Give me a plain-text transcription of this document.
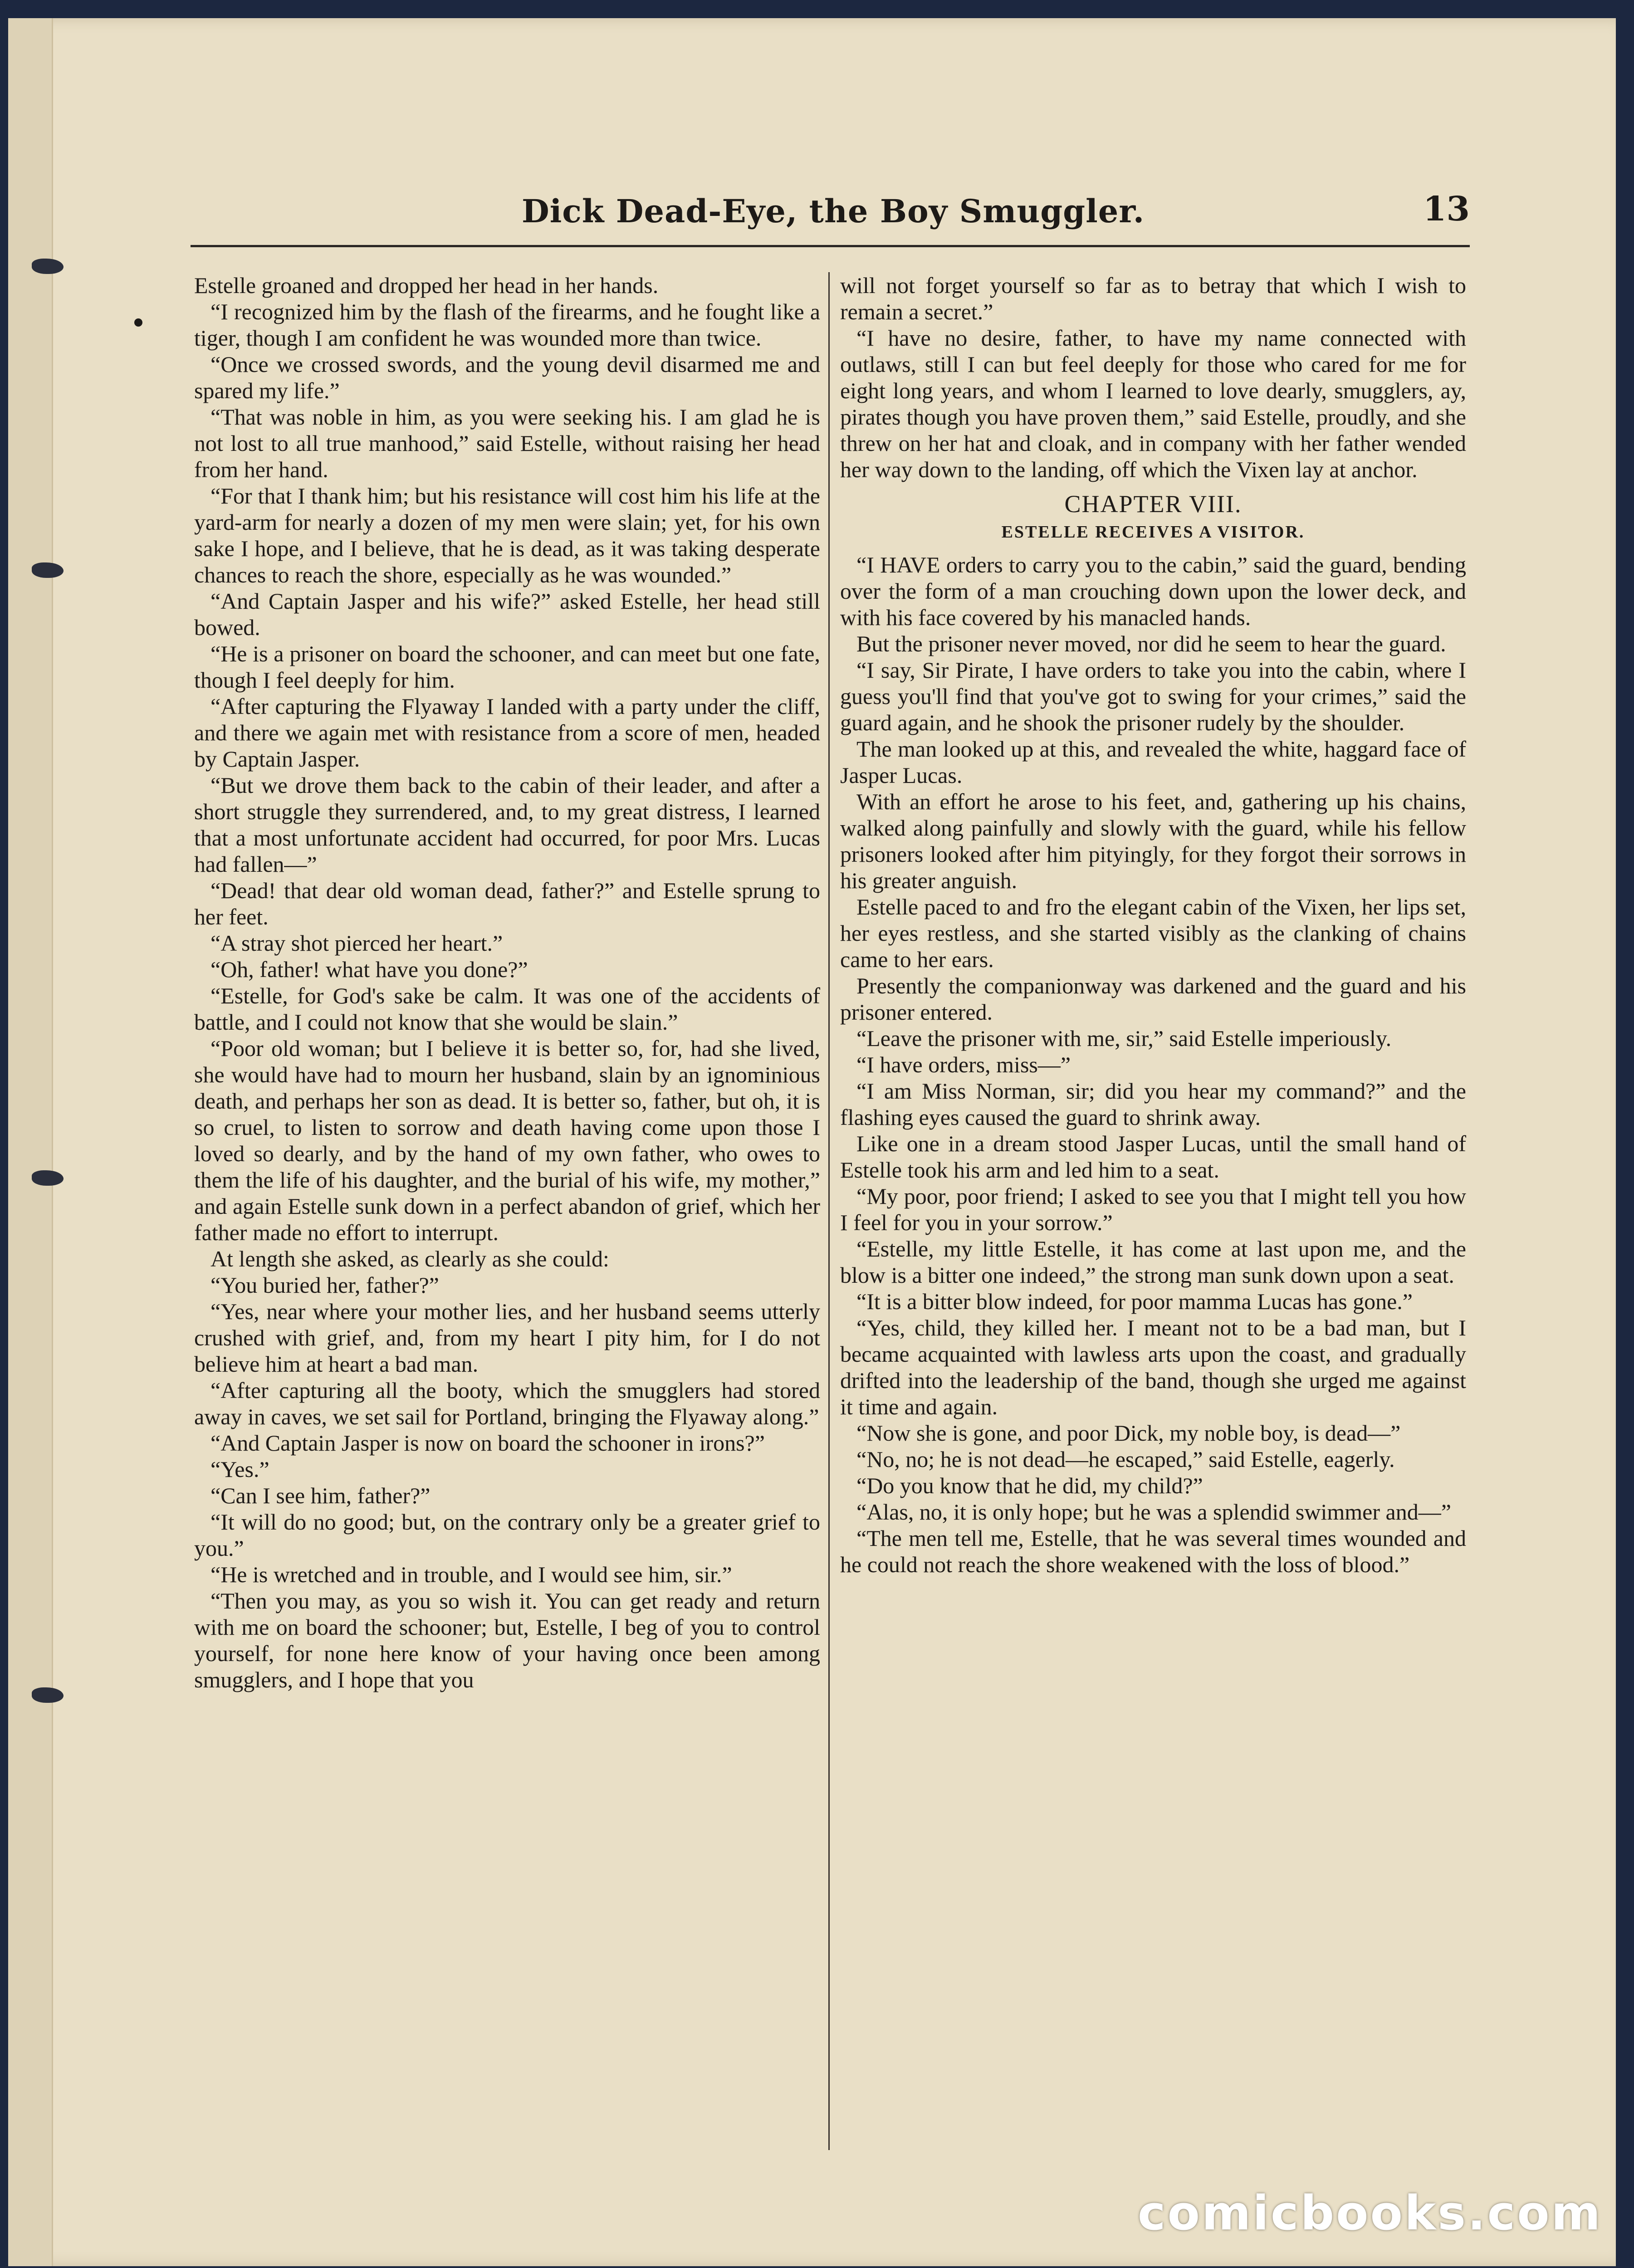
Dick Dead-Eye, the Boy Smuggler.	13

Estelle groaned and dropped her head in her hands.

“I recognized him by the flash of the firearms, and he fought like a tiger, though I am confident he was wounded more than twice.

“Once we crossed swords, and the young devil disarmed me and spared my life.”

“That was noble in him, as you were seeking his. I am glad he is not lost to all true manhood,” said Estelle, without raising her head from her hand.

“For that I thank him; but his resistance will cost him his life at the yard-arm for nearly a dozen of my men were slain; yet, for his own sake I hope, and I believe, that he is dead, as it was taking desperate chances to reach the shore, especially as he was wounded.”

“And Captain Jasper and his wife?” asked Estelle, her head still bowed.

“He is a prisoner on board the schooner, and can meet but one fate, though I feel deeply for him.

“After capturing the Flyaway I landed with a party under the cliff, and there we again met with resistance from a score of men, headed by Captain Jasper.

“But we drove them back to the cabin of their leader, and after a short struggle they surrendered, and, to my great distress, I learned that a most unfortunate accident had occurred, for poor Mrs. Lucas had fallen—”

“Dead! that dear old woman dead, father?” and Estelle sprung to her feet.

“A stray shot pierced her heart.”

“Oh, father! what have you done?”

“Estelle, for God's sake be calm. It was one of the accidents of battle, and I could not know that she would be slain.”

“Poor old woman; but I believe it is better so, for, had she lived, she would have had to mourn her husband, slain by an ignominious death, and perhaps her son as dead. It is better so, father, but oh, it is so cruel, to listen to sorrow and death having come upon those I loved so dearly, and by the hand of my own father, who owes to them the life of his daughter, and the burial of his wife, my mother,” and again Estelle sunk down in a perfect abandon of grief, which her father made no effort to interrupt.

At length she asked, as clearly as she could:

“You buried her, father?”

“Yes, near where your mother lies, and her husband seems utterly crushed with grief, and, from my heart I pity him, for I do not believe him at heart a bad man.

“After capturing all the booty, which the smugglers had stored away in caves, we set sail for Portland, bringing the Flyaway along.”

“And Captain Jasper is now on board the schooner in irons?”

“Yes.”

“Can I see him, father?”

“It will do no good; but, on the contrary only be a greater grief to you.”

“He is wretched and in trouble, and I would see him, sir.”

“Then you may, as you so wish it. You can get ready and return with me on board the schooner; but, Estelle, I beg of you to control yourself, for none here know of your having once been among smugglers, and I hope that you

will not forget yourself so far as to betray that which I wish to remain a secret.”

“I have no desire, father, to have my name connected with outlaws, still I can but feel deeply for those who cared for me for eight long years, and whom I learned to love dearly, smugglers, ay, pirates though you have proven them,” said Estelle, proudly, and she threw on her hat and cloak, and in company with her father wended her way down to the landing, off which the Vixen lay at anchor.

CHAPTER VIII.
ESTELLE RECEIVES A VISITOR.

“I HAVE orders to carry you to the cabin,” said the guard, bending over the form of a man crouching down upon the lower deck, and with his face covered by his manacled hands.

But the prisoner never moved, nor did he seem to hear the guard.

“I say, Sir Pirate, I have orders to take you into the cabin, where I guess you'll find that you've got to swing for your crimes,” said the guard again, and he shook the prisoner rudely by the shoulder.

The man looked up at this, and revealed the white, haggard face of Jasper Lucas.

With an effort he arose to his feet, and, gathering up his chains, walked along painfully and slowly with the guard, while his fellow prisoners looked after him pityingly, for they forgot their sorrows in his greater anguish.

Estelle paced to and fro the elegant cabin of the Vixen, her lips set, her eyes restless, and she started visibly as the clanking of chains came to her ears.

Presently the companionway was darkened and the guard and his prisoner entered.

“Leave the prisoner with me, sir,” said Estelle imperiously.

“I have orders, miss—”

“I am Miss Norman, sir; did you hear my command?” and the flashing eyes caused the guard to shrink away.

Like one in a dream stood Jasper Lucas, until the small hand of Estelle took his arm and led him to a seat.

“My poor, poor friend; I asked to see you that I might tell you how I feel for you in your sorrow.”

“Estelle, my little Estelle, it has come at last upon me, and the blow is a bitter one indeed,” the strong man sunk down upon a seat.

“It is a bitter blow indeed, for poor mamma Lucas has gone.”

“Yes, child, they killed her. I meant not to be a bad man, but I became acquainted with lawless arts upon the coast, and gradually drifted into the leadership of the band, though she urged me against it time and again.

“Now she is gone, and poor Dick, my noble boy, is dead—”

“No, no; he is not dead—he escaped,” said Estelle, eagerly.

“Do you know that he did, my child?”

“Alas, no, it is only hope; but he was a splendid swimmer and—”

“The men tell me, Estelle, that he was several times wounded and he could not reach the shore weakened with the loss of blood.”

comicbooks.com
